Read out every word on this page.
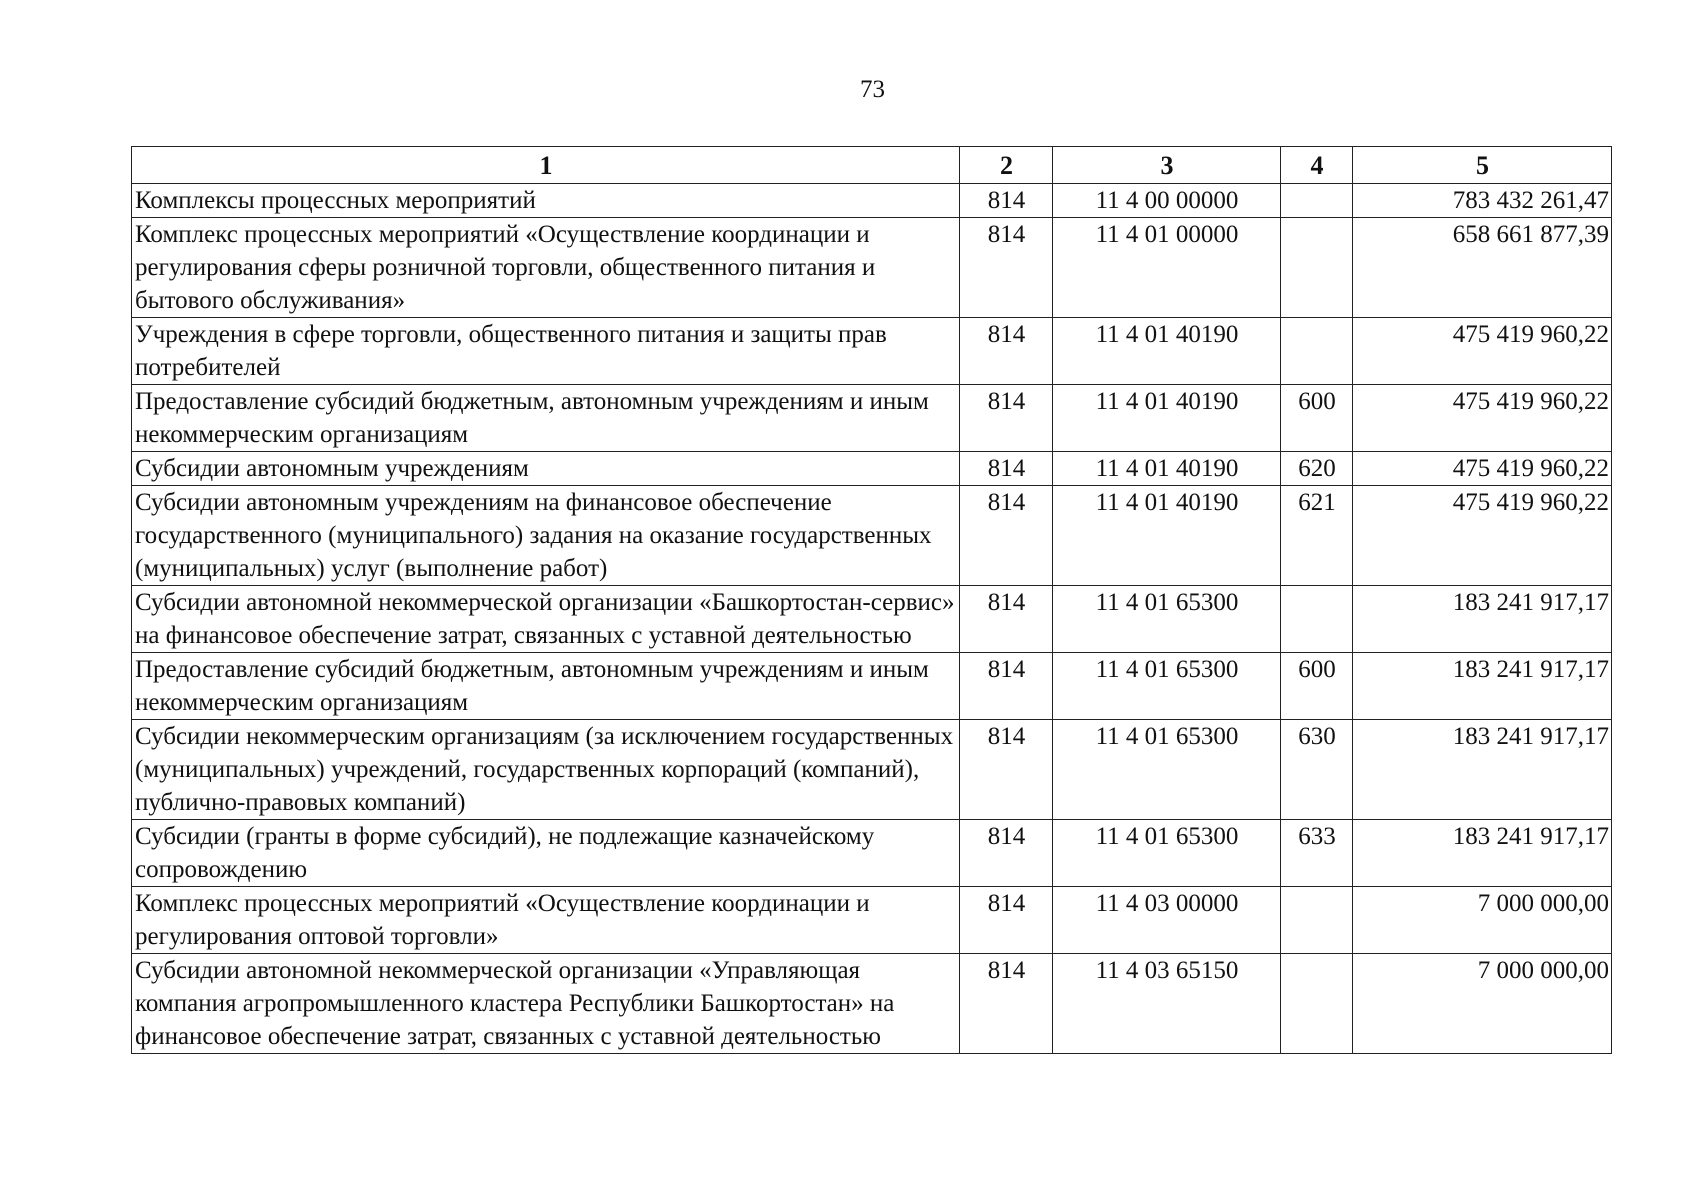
73
1	2	3	4	5
Комплексы процессных мероприятий	814	11 4 00 00000		783 432 261,47
Комплекс процессных мероприятий «Осуществление координации и регулирования сферы розничной торговли, общественного питания и бытового обслуживания»	814	11 4 01 00000		658 661 877,39
Учреждения в сфере торговли, общественного питания и защиты прав потребителей	814	11 4 01 40190		475 419 960,22
Предоставление субсидий бюджетным, автономным учреждениям и иным некоммерческим организациям	814	11 4 01 40190	600	475 419 960,22
Субсидии автономным учреждениям	814	11 4 01 40190	620	475 419 960,22
Субсидии автономным учреждениям на финансовое обеспечение государственного (муниципального) задания на оказание государственных (муниципальных) услуг (выполнение работ)	814	11 4 01 40190	621	475 419 960,22
Субсидии автономной некоммерческой организации «Башкортостан-сервис» на финансовое обеспечение затрат, связанных с уставной деятельностью	814	11 4 01 65300		183 241 917,17
Предоставление субсидий бюджетным, автономным учреждениям и иным некоммерческим организациям	814	11 4 01 65300	600	183 241 917,17
Субсидии некоммерческим организациям (за исключением государственных (муниципальных) учреждений, государственных корпораций (компаний), публично-правовых компаний)	814	11 4 01 65300	630	183 241 917,17
Субсидии (гранты в форме субсидий), не подлежащие казначейскому сопровождению	814	11 4 01 65300	633	183 241 917,17
Комплекс процессных мероприятий «Осуществление координации и регулирования оптовой торговли»	814	11 4 03 00000		7 000 000,00
Субсидии автономной некоммерческой организации «Управляющая компания агропромышленного кластера Республики Башкортостан» на финансовое обеспечение затрат, связанных с уставной деятельностью	814	11 4 03 65150		7 000 000,00
